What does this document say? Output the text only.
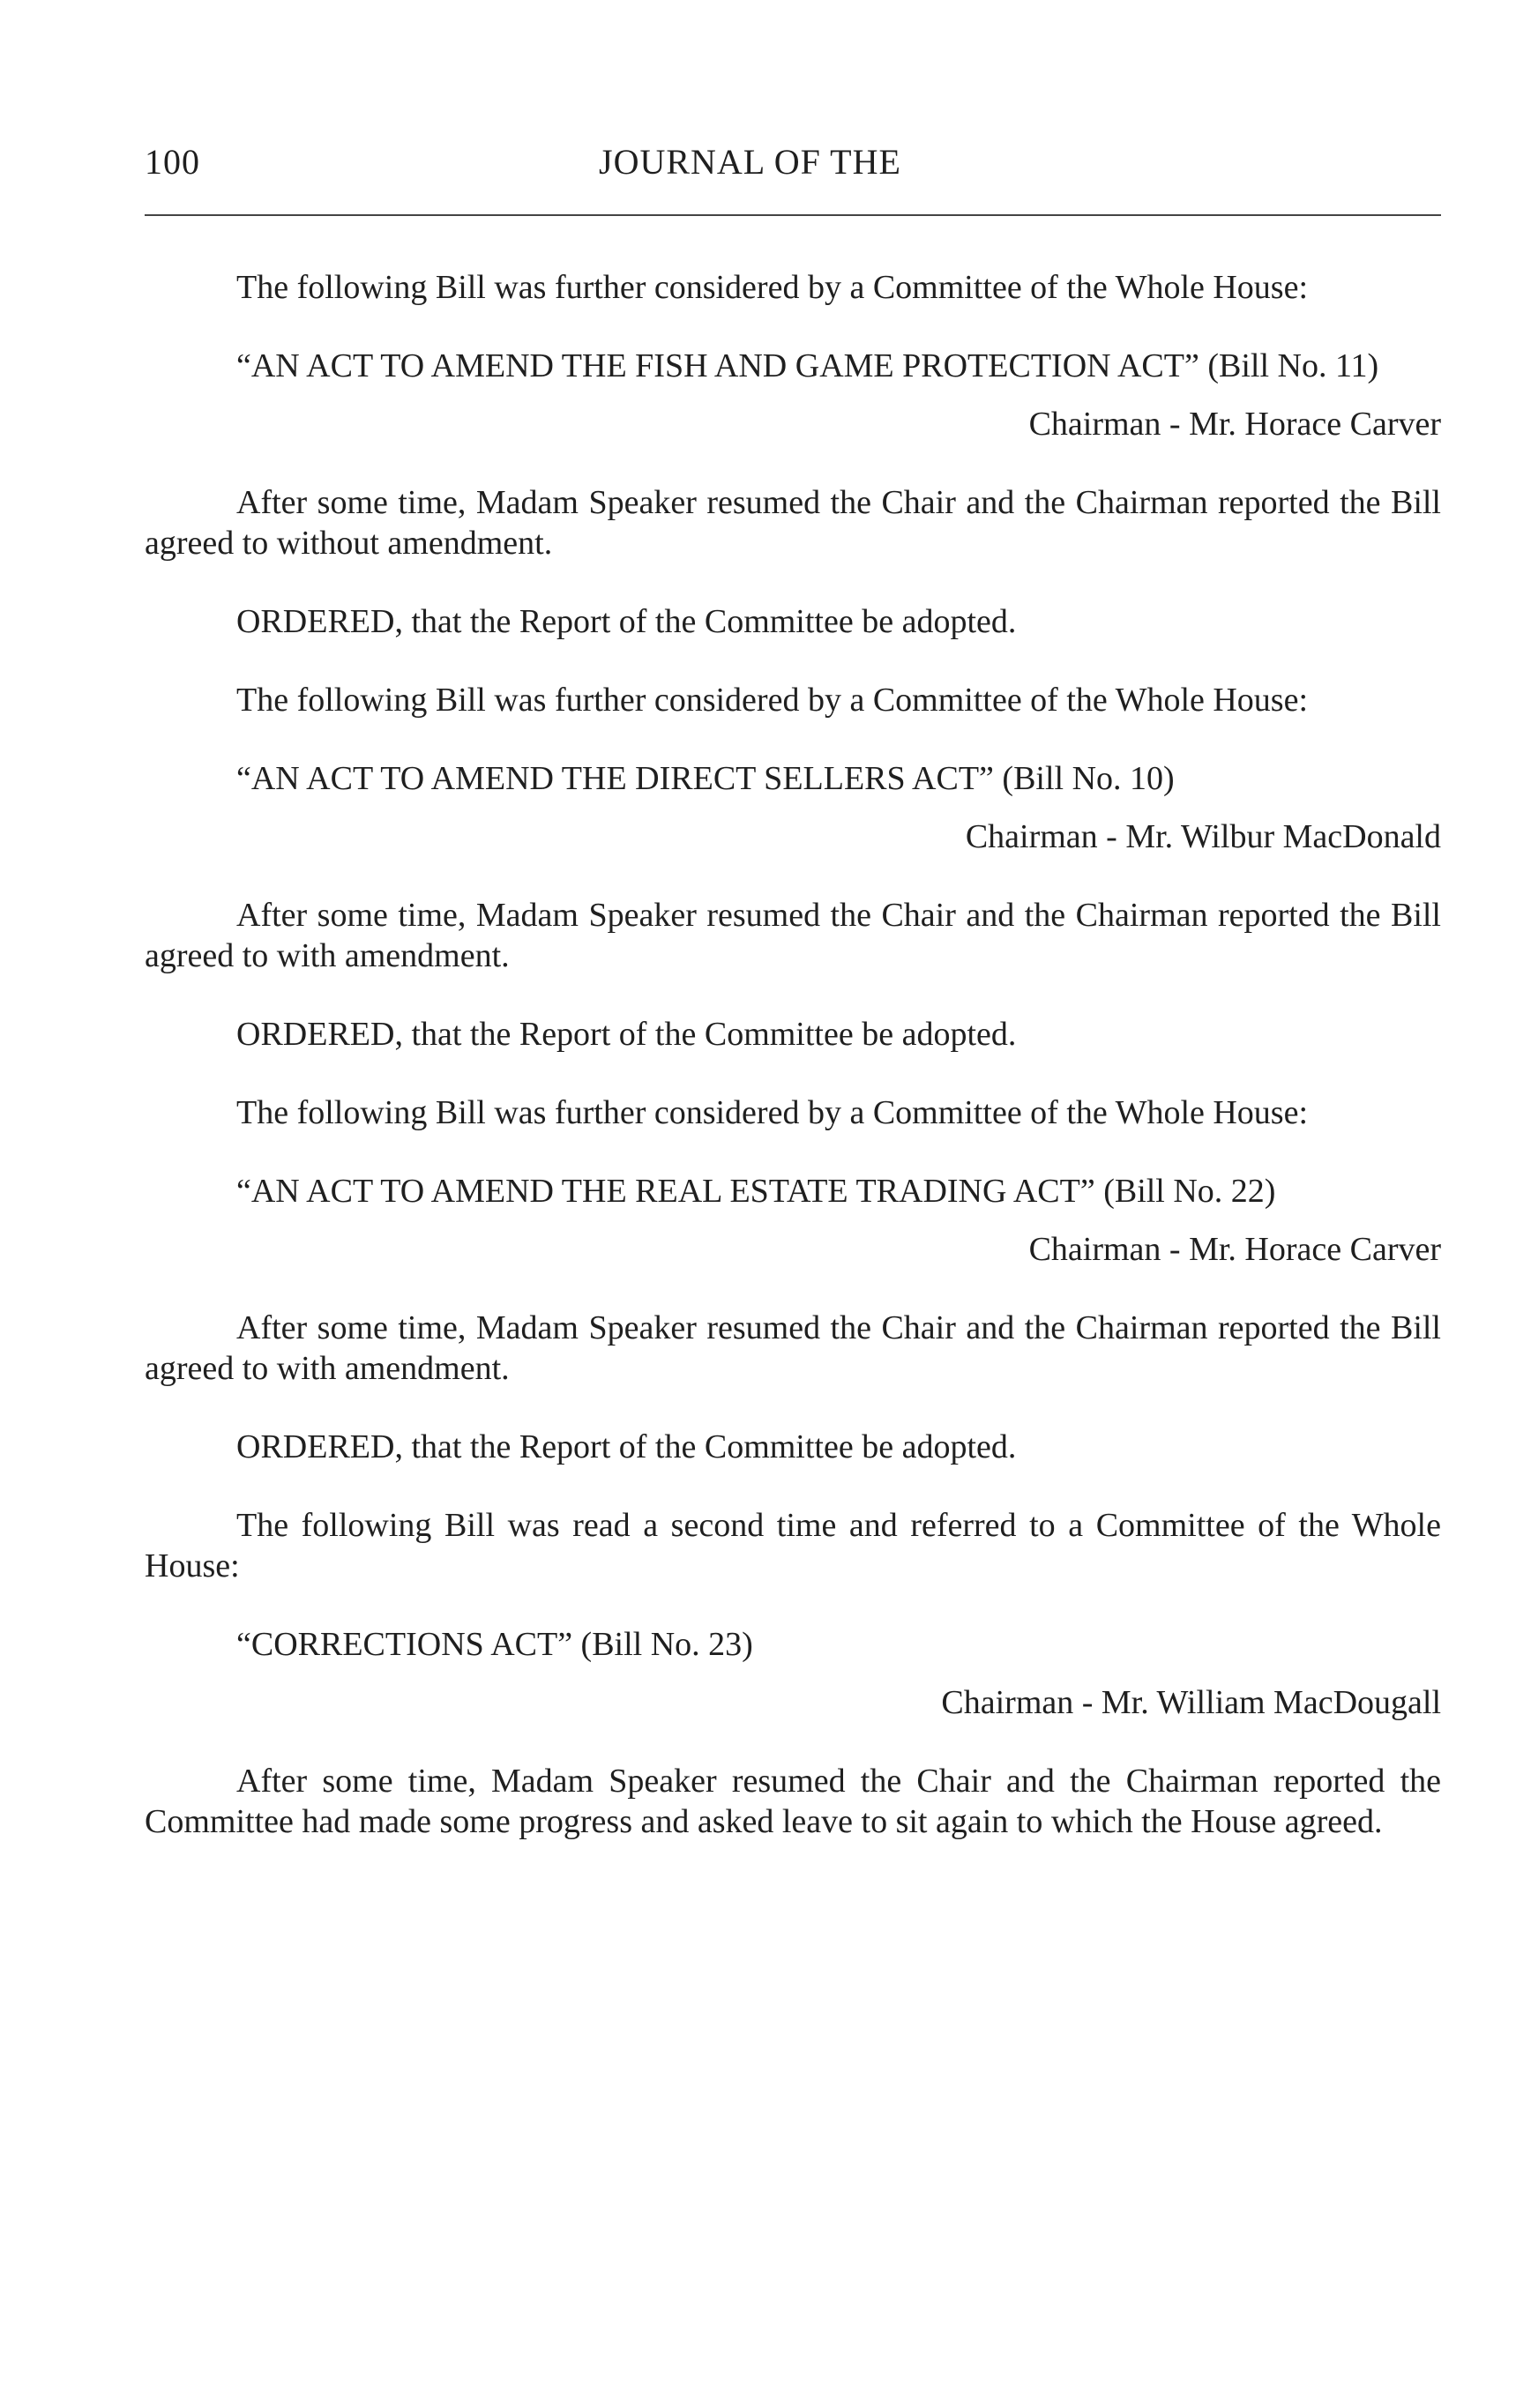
100	JOURNAL OF THE

The following Bill was further considered by a Committee of the Whole House:

“AN ACT TO AMEND THE FISH AND GAME PROTECTION ACT” (Bill No. 11)

Chairman - Mr. Horace Carver

After some time, Madam Speaker resumed the Chair and the Chairman reported the Bill agreed to without amendment.

ORDERED, that the Report of the Committee be adopted.

The following Bill was further considered by a Committee of the Whole House:

“AN ACT TO AMEND THE DIRECT SELLERS ACT” (Bill No. 10)

Chairman - Mr. Wilbur MacDonald

After some time, Madam Speaker resumed the Chair and the Chairman reported the Bill agreed to with amendment.

ORDERED, that the Report of the Committee be adopted.

The following Bill was further considered by a Committee of the Whole House:

“AN ACT TO AMEND THE REAL ESTATE TRADING ACT” (Bill No. 22)

Chairman - Mr. Horace Carver

After some time, Madam Speaker resumed the Chair and the Chairman reported the Bill agreed to with amendment.

ORDERED, that the Report of the Committee be adopted.

The following Bill was read a second time and referred to a Committee of the Whole House:

“CORRECTIONS ACT” (Bill No. 23)

Chairman - Mr. William MacDougall

After some time, Madam Speaker resumed the Chair and the Chairman reported the Committee had made some progress and asked leave to sit again to which the House agreed.
